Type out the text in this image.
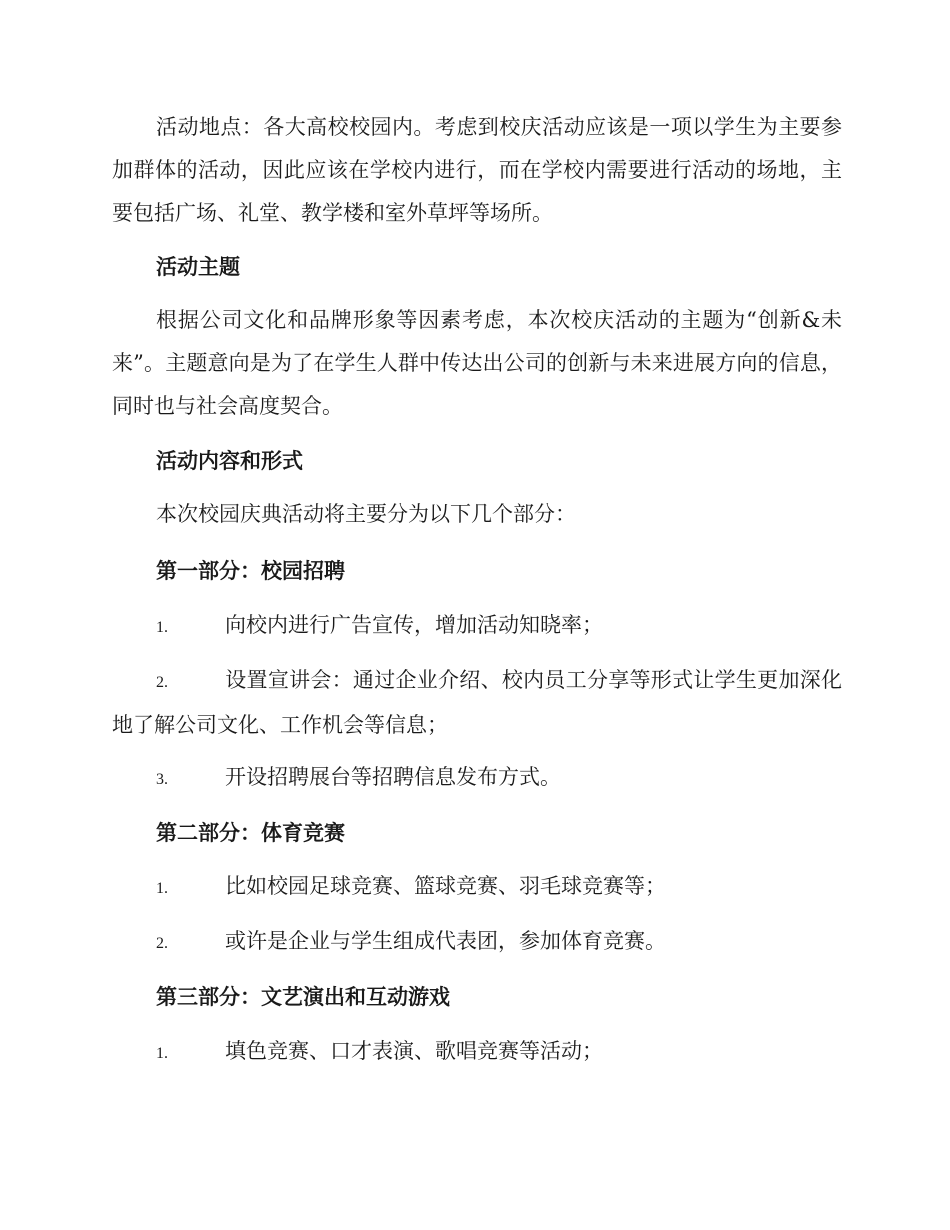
活动地点：各大高校校园内。考虑到校庆活动应该是一项以学生为主要参加群体的活动，因此应该在学校内进行，而在学校内需要进行活动的场地，主要包括广场、礼堂、教学楼和室外草坪等场所。

活动主题

根据公司文化和品牌形象等因素考虑，本次校庆活动的主题为“创新&未来”。主题意向是为了在学生人群中传达出公司的创新与未来进展方向的信息，同时也与社会高度契合。

活动内容和形式

本次校园庆典活动将主要分为以下几个部分：

第一部分：校园招聘

1.	向校内进行广告宣传，增加活动知晓率；

2.	设置宣讲会：通过企业介绍、校内员工分享等形式让学生更加深化地了解公司文化、工作机会等信息；

3.	开设招聘展台等招聘信息发布方式。

第二部分：体育竞赛

1.	比如校园足球竞赛、篮球竞赛、羽毛球竞赛等；

2.	或许是企业与学生组成代表团，参加体育竞赛。

第三部分：文艺演出和互动游戏

1.	填色竞赛、口才表演、歌唱竞赛等活动；
